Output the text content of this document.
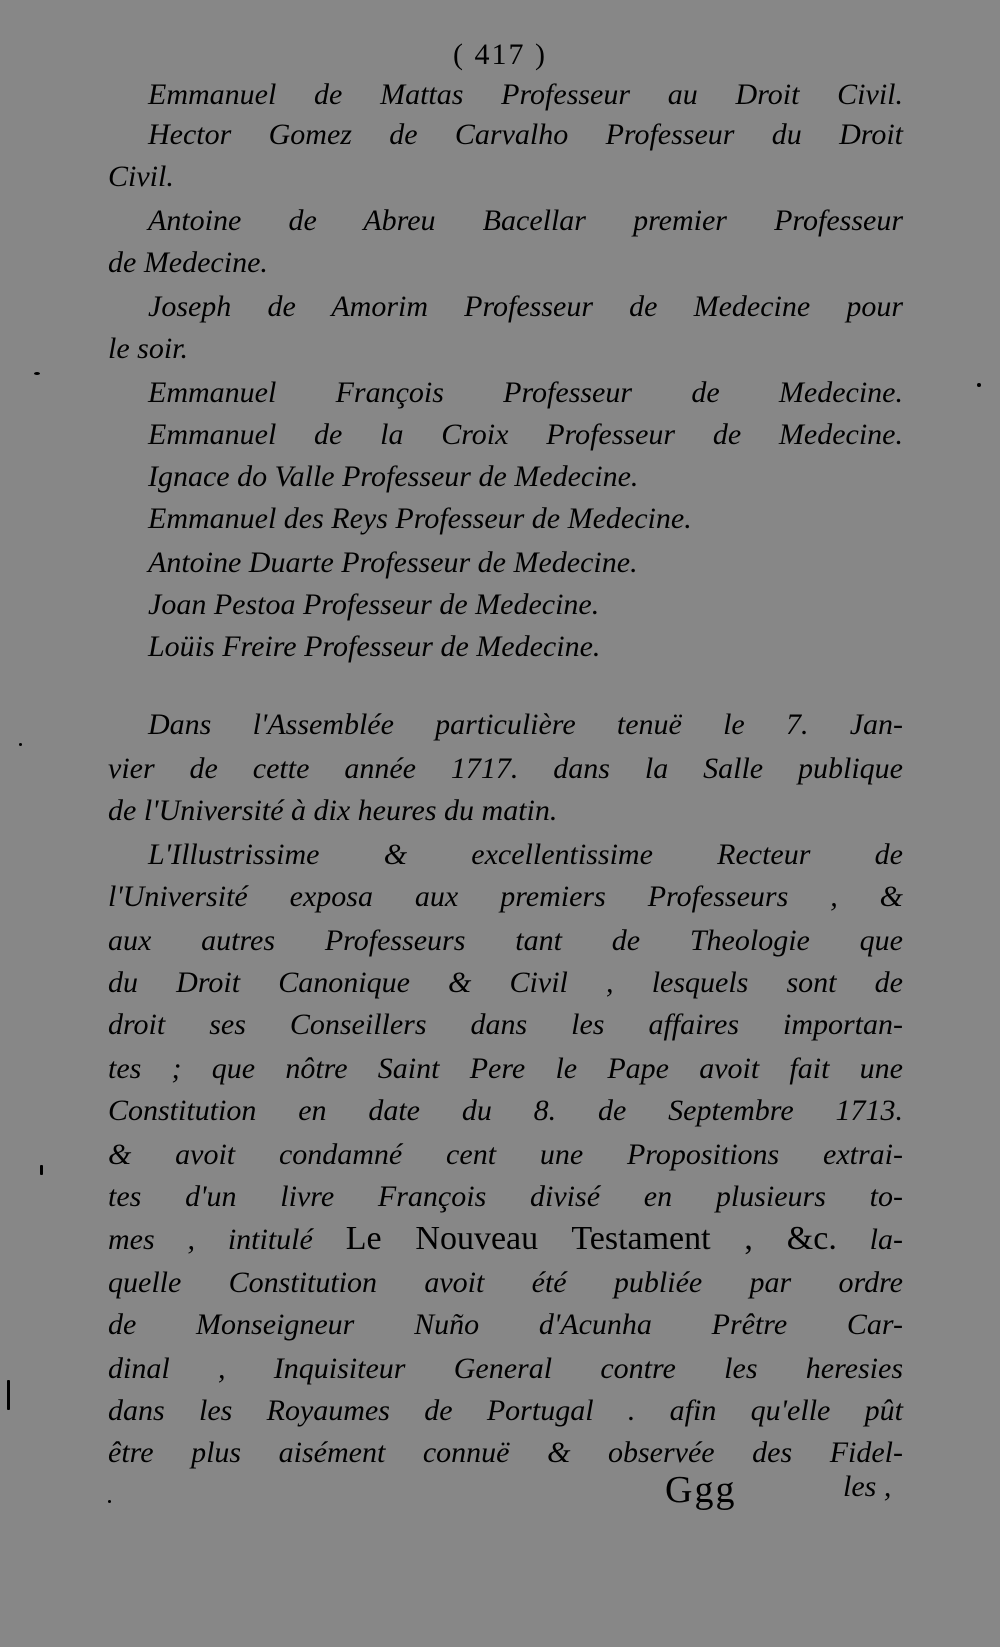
( 417 )
Emmanuel de Mattas Professeur au Droit Civil.
Hector Gomez de Carvalho Professeur du Droit
Civil.
Antoine de Abreu Bacellar premier Professeur
de Medecine.
Joseph de Amorim Professeur de Medecine pour
le soir.
Emmanuel François Professeur de Medecine.
Emmanuel de la Croix Professeur de Medecine.
Ignace do Valle Professeur de Medecine.
Emmanuel des Reys Professeur de Medecine.
Antoine Duarte Professeur de Medecine.
Joan Pestoa Professeur de Medecine.
Loüis Freire Professeur de Medecine.
Dans l'Assemblée particulière tenuë le 7. Jan-
vier de cette année 1717. dans la Salle publique
de l'Université à dix heures du matin.
L'Illustrissime & excellentissime Recteur de
l'Université exposa aux premiers Professeurs , &
aux autres Professeurs tant de Theologie que
du Droit Canonique & Civil , lesquels sont de
droit ses Conseillers dans les affaires importan-
tes ; que nôtre Saint Pere le Pape avoit fait une
Constitution en date du 8. de Septembre 1713.
& avoit condamné cent une Propositions extrai-
tes d'un livre François divisé en plusieurs to-
mes , intitulé Le Nouveau Testament , &c. la-
quelle Constitution avoit été publiée par ordre
de Monseigneur Nuño d'Acunha Prêtre Car-
dinal , Inquisiteur General contre les heresies
dans les Royaumes de Portugal . afin qu'elle pût
être plus aisément connuë & observée des Fidel-
Ggg	les ,
